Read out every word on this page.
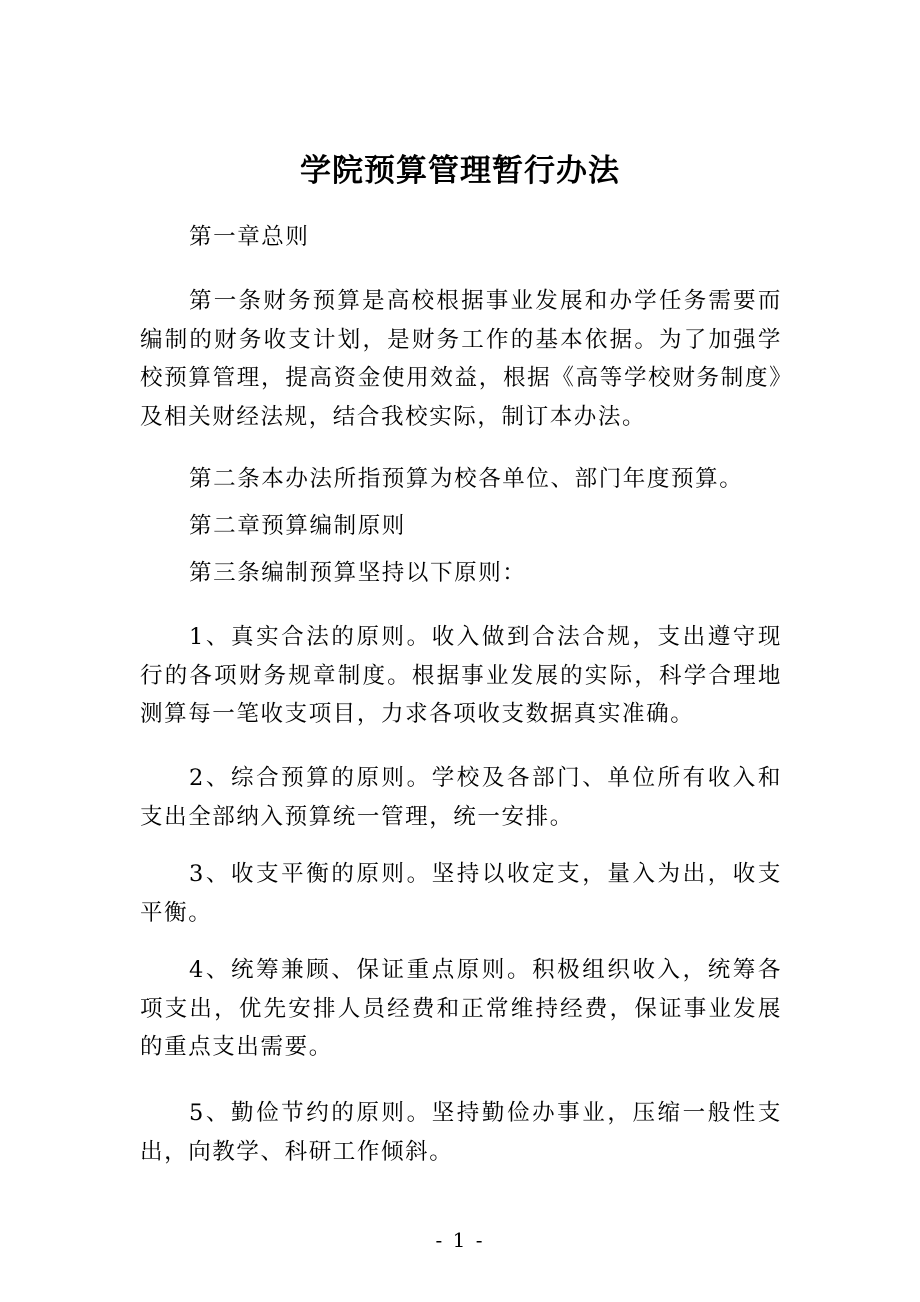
学院预算管理暂行办法

第一章总则

第一条财务预算是高校根据事业发展和办学任务需要而编制的财务收支计划，是财务工作的基本依据。为了加强学校预算管理，提高资金使用效益，根据《高等学校财务制度》及相关财经法规，结合我校实际，制订本办法。

第二条本办法所指预算为校各单位、部门年度预算。

第二章预算编制原则

第三条编制预算坚持以下原则：

1、真实合法的原则。收入做到合法合规，支出遵守现行的各项财务规章制度。根据事业发展的实际，科学合理地测算每一笔收支项目，力求各项收支数据真实准确。

2、综合预算的原则。学校及各部门、单位所有收入和支出全部纳入预算统一管理，统一安排。

3、收支平衡的原则。坚持以收定支，量入为出，收支平衡。

4、统筹兼顾、保证重点原则。积极组织收入，统筹各项支出，优先安排人员经费和正常维持经费，保证事业发展的重点支出需要。

5、勤俭节约的原则。坚持勤俭办事业，压缩一般性支出，向教学、科研工作倾斜。

- 1 -
